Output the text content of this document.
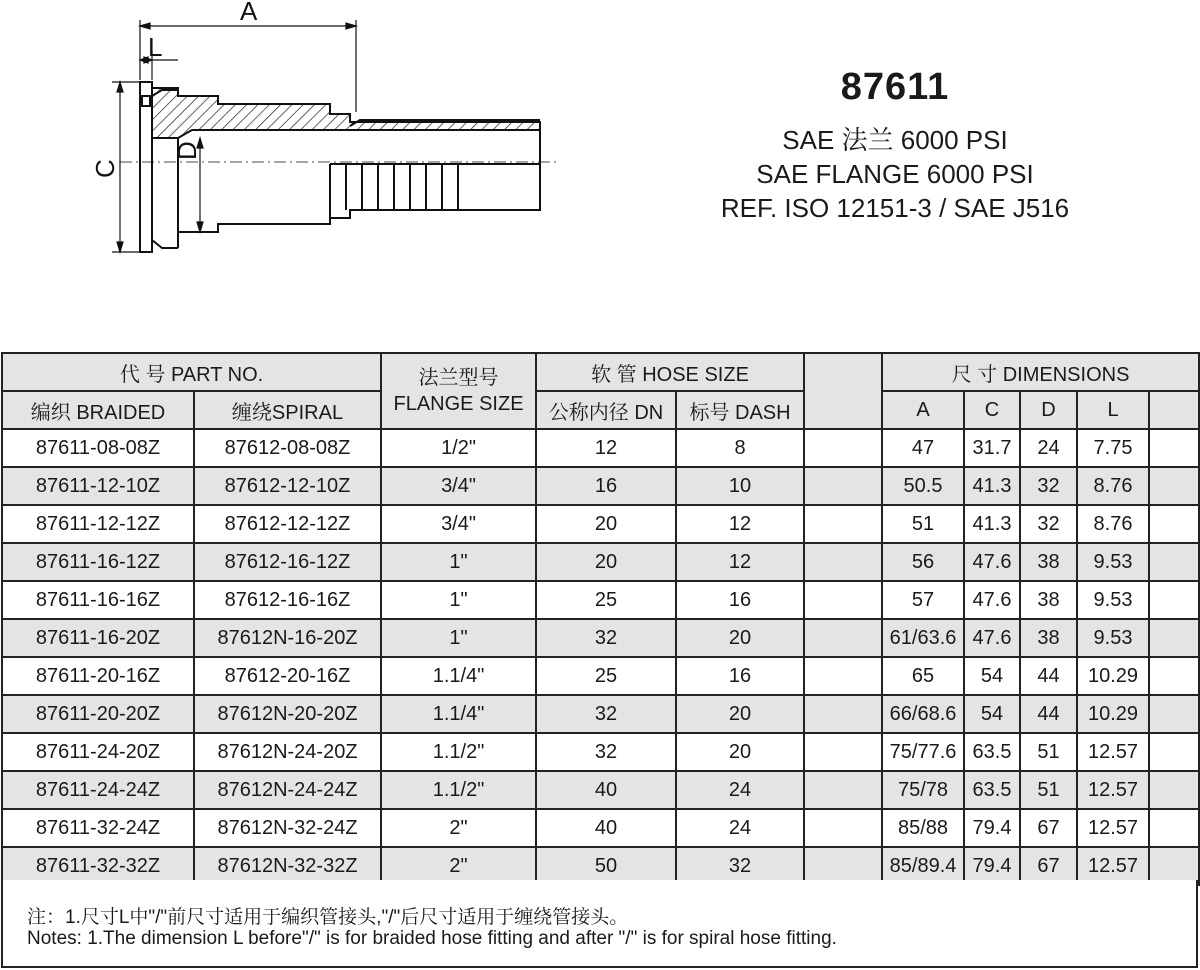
A
L
C
D
87611
SAE 法兰 6000 PSI
SAE FLANGE 6000 PSI
REF. ISO 12151-3 / SAE J516
代 号 PART NO.		法兰型号
FLANGE SIZE	软 管 HOSE SIZE			尺 寸 DIMENSIONS				
编织 BRAIDED	缠绕SPIRAL		公称内径 DN	标号 DASH		A	C	D	L	
87611-08-08Z	87612-08-08Z	1/2"	12	8		47	31.7	24	7.75	
87611-12-10Z	87612-12-10Z	3/4"	16	10		50.5	41.3	32	8.76	
87611-12-12Z	87612-12-12Z	3/4"	20	12		51	41.3	32	8.76	
87611-16-12Z	87612-16-12Z	1"	20	12		56	47.6	38	9.53	
87611-16-16Z	87612-16-16Z	1"	25	16		57	47.6	38	9.53	
87611-16-20Z	87612N-16-20Z	1"	32	20		61/63.6	47.6	38	9.53	
87611-20-16Z	87612-20-16Z	1.1/4"	25	16		65	54	44	10.29	
87611-20-20Z	87612N-20-20Z	1.1/4"	32	20		66/68.6	54	44	10.29	
87611-24-20Z	87612N-24-20Z	1.1/2"	32	20		75/77.6	63.5	51	12.57	
87611-24-24Z	87612N-24-24Z	1.1/2"	40	24		75/78	63.5	51	12.57	
87611-32-24Z	87612N-32-24Z	2"	40	24		85/88	79.4	67	12.57	
87611-32-32Z	87612N-32-32Z	2"	50	32		85/89.4	79.4	67	12.57	
注：1.尺寸L中"/"前尺寸适用于编织管接头,"/"后尺寸适用于缠绕管接头。
Notes: 1.The dimension L before"/" is for braided hose fitting and after "/" is for spiral hose fitting.
